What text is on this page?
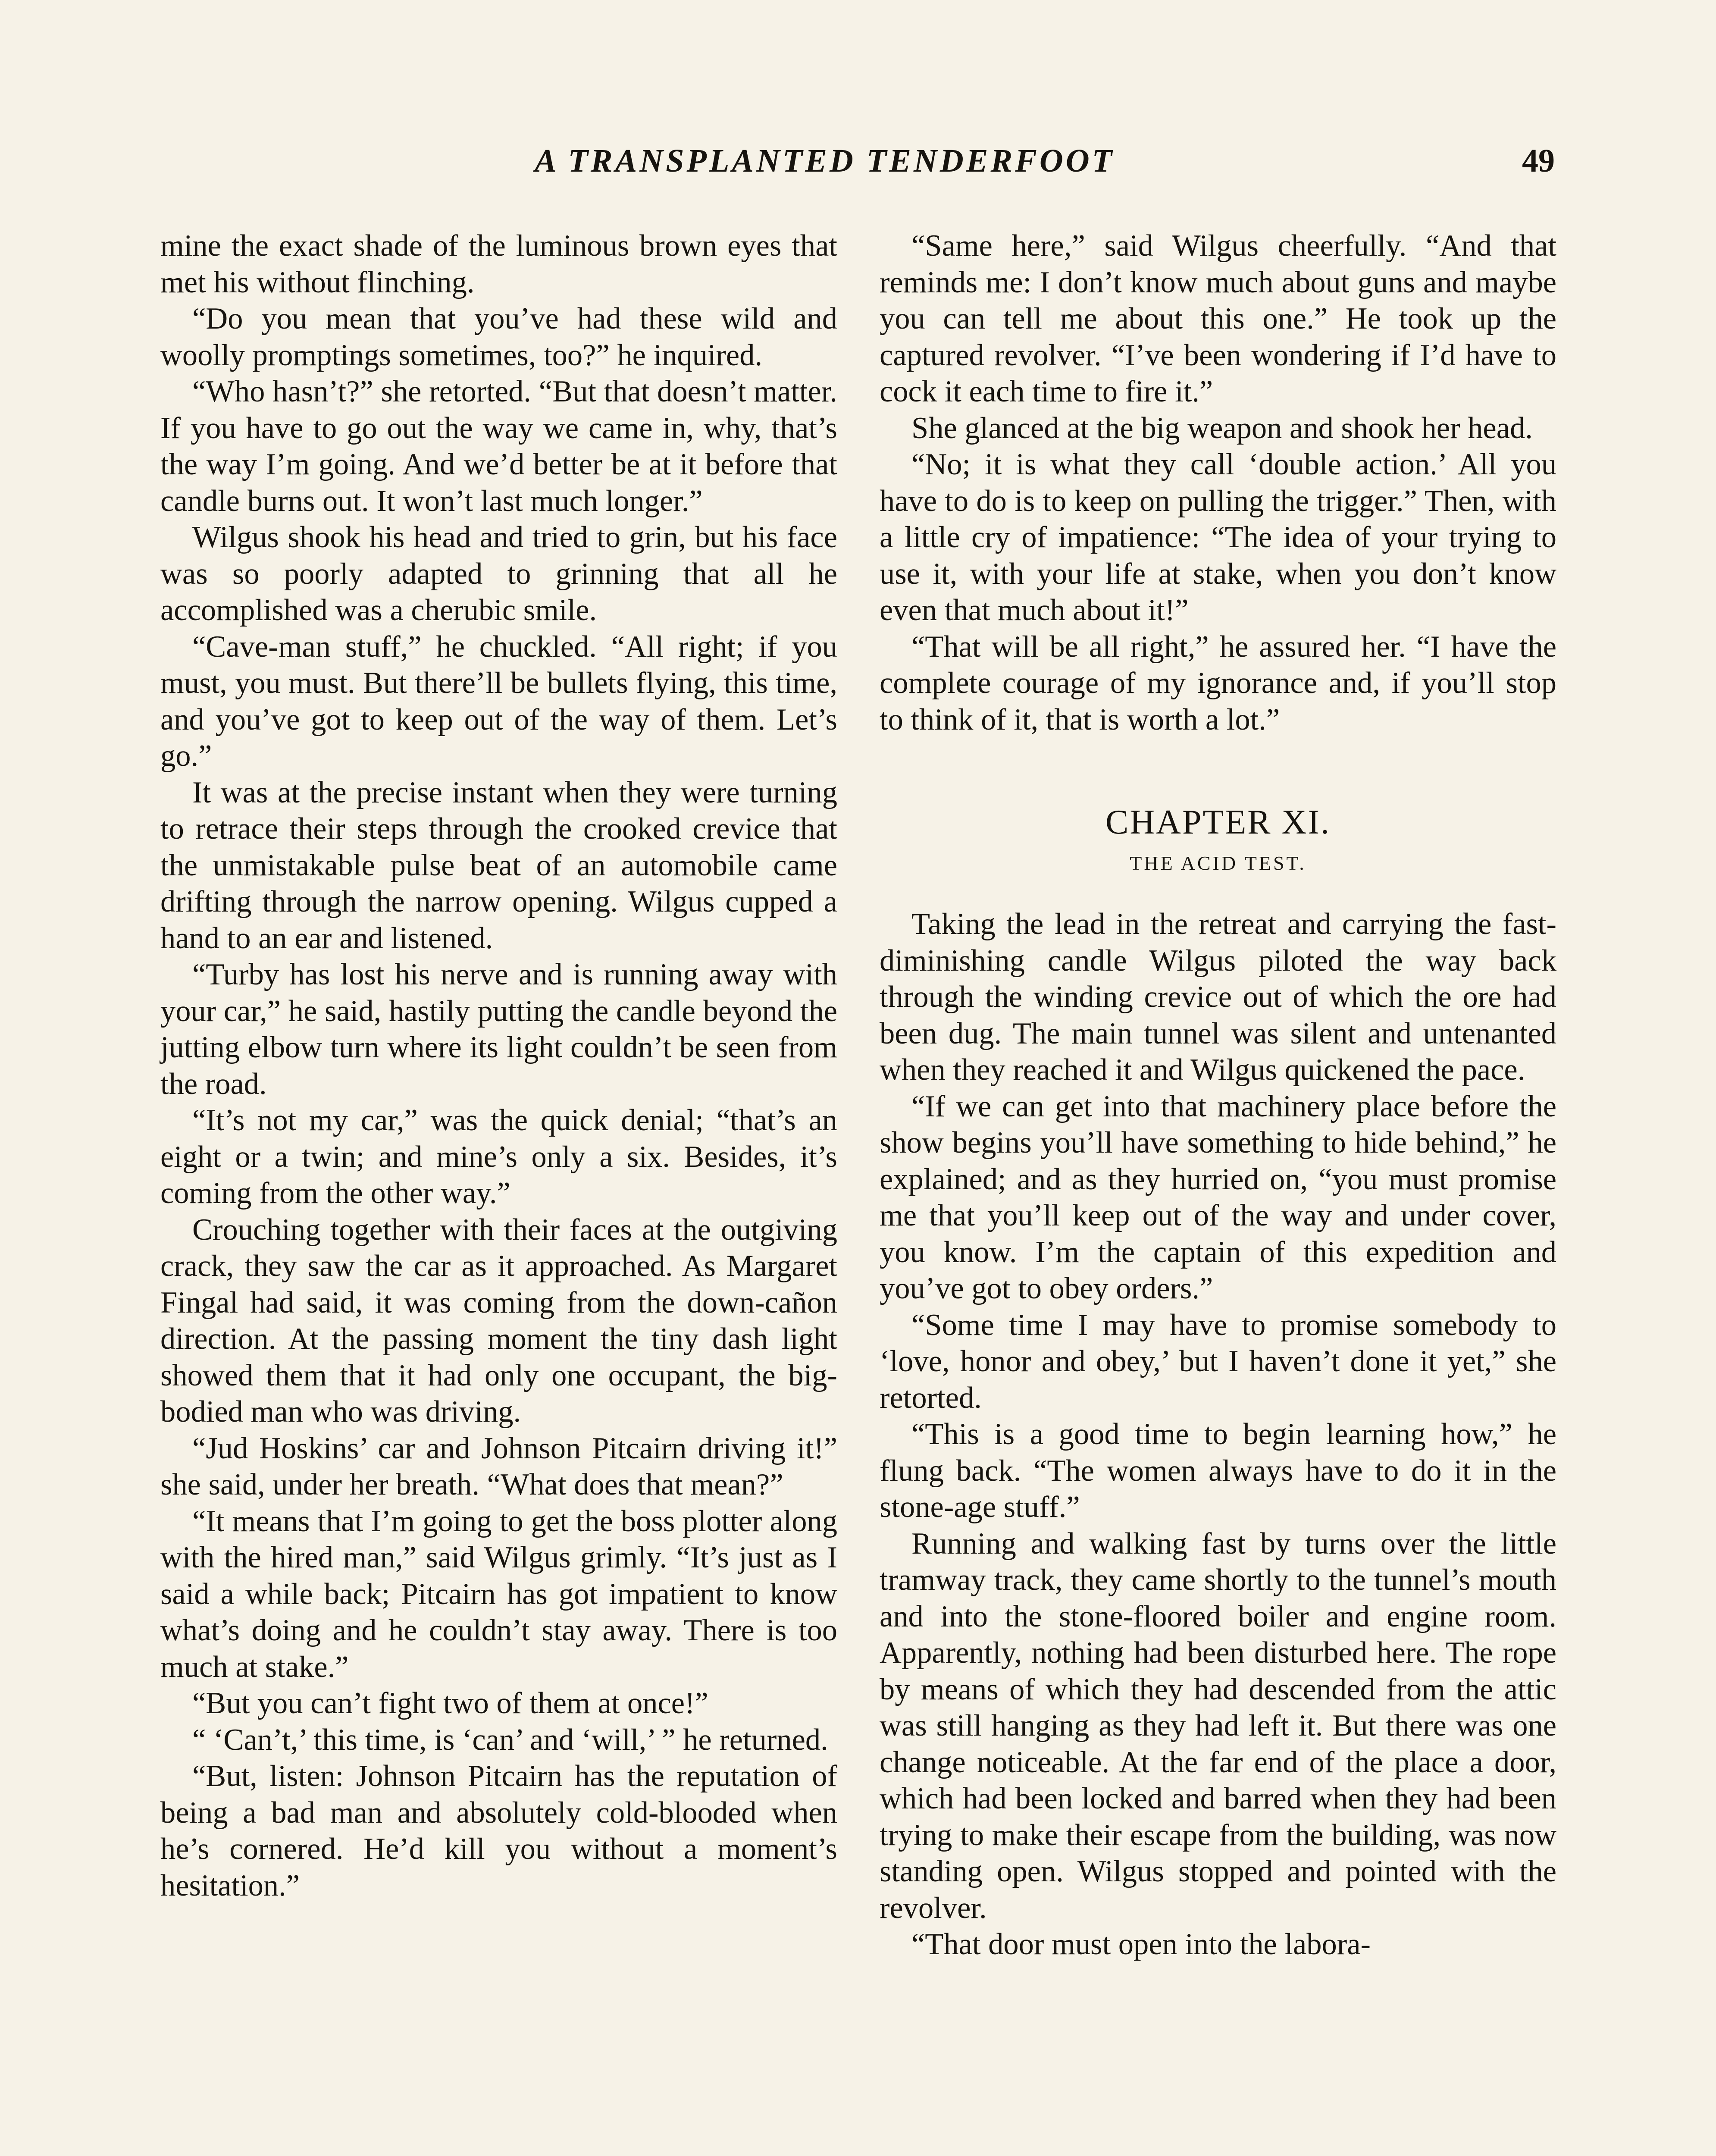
A TRANSPLANTED TENDERFOOT	49

mine the exact shade of the luminous brown eyes that met his without flinching.

“Do you mean that you’ve had these wild and woolly promptings sometimes, too?” he inquired.

“Who hasn’t?” she retorted. “But that doesn’t matter. If you have to go out the way we came in, why, that’s the way I’m going. And we’d better be at it before that candle burns out. It won’t last much longer.”

Wilgus shook his head and tried to grin, but his face was so poorly adapted to grinning that all he accomplished was a cherubic smile.

“Cave-man stuff,” he chuckled. “All right; if you must, you must. But there’ll be bullets flying, this time, and you’ve got to keep out of the way of them. Let’s go.”

It was at the precise instant when they were turning to retrace their steps through the crooked crevice that the unmistakable pulse beat of an automobile came drifting through the narrow opening. Wilgus cupped a hand to an ear and listened.

“Turby has lost his nerve and is running away with your car,” he said, hastily putting the candle beyond the jutting elbow turn where its light couldn’t be seen from the road.

“It’s not my car,” was the quick denial; “that’s an eight or a twin; and mine’s only a six. Besides, it’s coming from the other way.”

Crouching together with their faces at the outgiving crack, they saw the car as it approached. As Margaret Fingal had said, it was coming from the down-cañon direction. At the passing moment the tiny dash light showed them that it had only one occupant, the big-bodied man who was driving.

“Jud Hoskins’ car and Johnson Pitcairn driving it!” she said, under her breath. “What does that mean?”

“It means that I’m going to get the boss plotter along with the hired man,” said Wilgus grimly. “It’s just as I said a while back; Pitcairn has got impatient to know what’s doing and he couldn’t stay away. There is too much at stake.”

“But you can’t fight two of them at once!”

“ ‘Can’t,’ this time, is ‘can’ and ‘will,’ ” he returned.

“But, listen: Johnson Pitcairn has the reputation of being a bad man and absolutely cold-blooded when he’s cornered. He’d kill you without a moment’s hesitation.”

“Same here,” said Wilgus cheerfully. “And that reminds me: I don’t know much about guns and maybe you can tell me about this one.” He took up the captured revolver. “I’ve been wondering if I’d have to cock it each time to fire it.”

She glanced at the big weapon and shook her head.

“No; it is what they call ‘double action.’ All you have to do is to keep on pulling the trigger.” Then, with a little cry of impatience: “The idea of your trying to use it, with your life at stake, when you don’t know even that much about it!”

“That will be all right,” he assured her. “I have the complete courage of my ignorance and, if you’ll stop to think of it, that is worth a lot.”

CHAPTER XI.
THE ACID TEST.

Taking the lead in the retreat and carrying the fast-diminishing candle Wilgus piloted the way back through the winding crevice out of which the ore had been dug. The main tunnel was silent and untenanted when they reached it and Wilgus quickened the pace.

“If we can get into that machinery place before the show begins you’ll have something to hide behind,” he explained; and as they hurried on, “you must promise me that you’ll keep out of the way and under cover, you know. I’m the captain of this expedition and you’ve got to obey orders.”

“Some time I may have to promise somebody to ‘love, honor and obey,’ but I haven’t done it yet,” she retorted.

“This is a good time to begin learning how,” he flung back. “The women always have to do it in the stone-age stuff.”

Running and walking fast by turns over the little tramway track, they came shortly to the tunnel’s mouth and into the stone-floored boiler and engine room. Apparently, nothing had been disturbed here. The rope by means of which they had descended from the attic was still hanging as they had left it. But there was one change noticeable. At the far end of the place a door, which had been locked and barred when they had been trying to make their escape from the building, was now standing open. Wilgus stopped and pointed with the revolver.

“That door must open into the labora-
